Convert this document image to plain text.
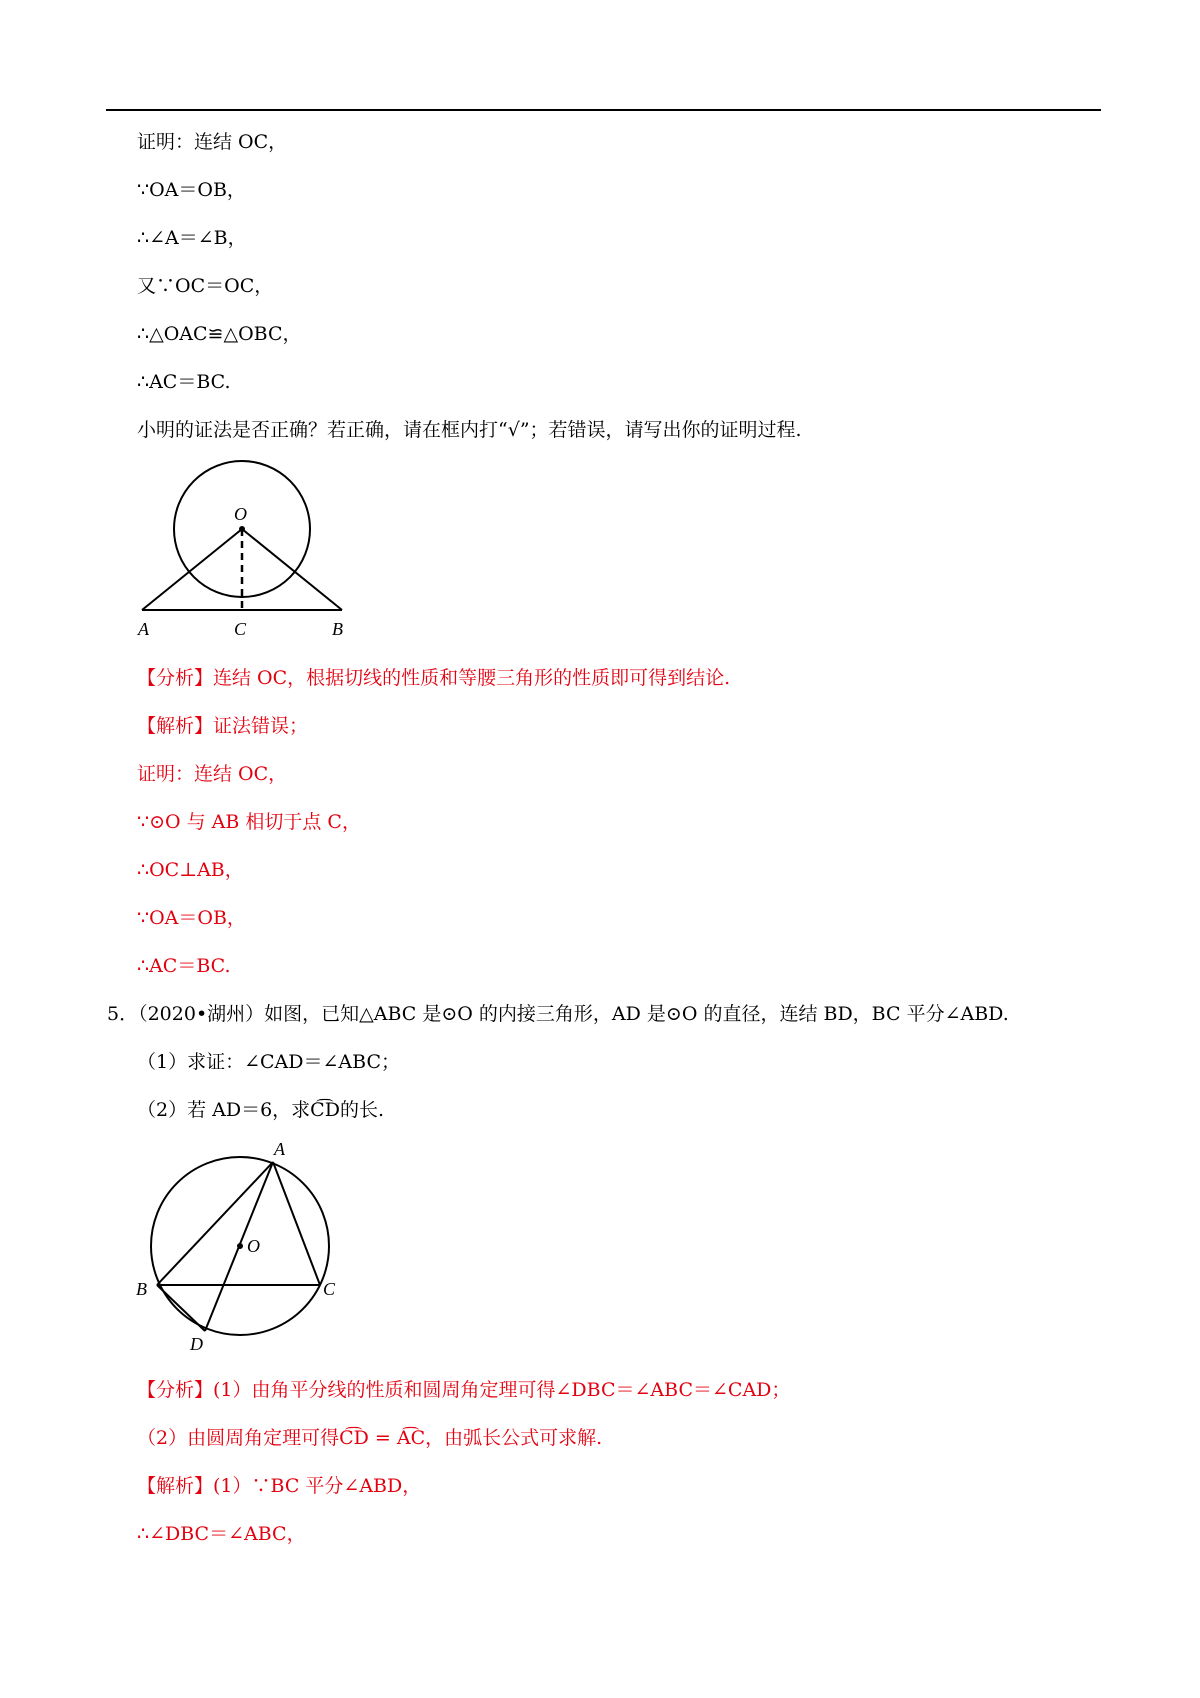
证明：连结 OC，
∵OA＝OB，
∴∠A＝∠B，
又∵OC＝OC，
∴△OAC≌△OBC，
∴AC＝BC.
小明的证法是否正确？若正确，请在框内打“√”；若错误，请写出你的证明过程.
O
A	C	B
【分析】连结 OC，根据切线的性质和等腰三角形的性质即可得到结论.
【解析】证法错误；
证明：连结 OC，
∵⊙O 与 AB 相切于点 C，
∴OC⊥AB，
∵OA＝OB，
∴AC＝BC.
5．（2020•湖州）如图，已知△ABC 是⊙O 的内接三角形，AD 是⊙O 的直径，连结 BD，BC 平分∠ABD.
（1）求证：∠CAD＝∠ABC；
（2）若 AD＝6，求C͡D的长.
A
O
B	C
D
【分析】(1）由角平分线的性质和圆周角定理可得∠DBC＝∠ABC＝∠CAD；
（2）由圆周角定理可得C͡D = A͡C，由弧长公式可求解.
【解析】(1）∵BC 平分∠ABD，
∴∠DBC＝∠ABC，
